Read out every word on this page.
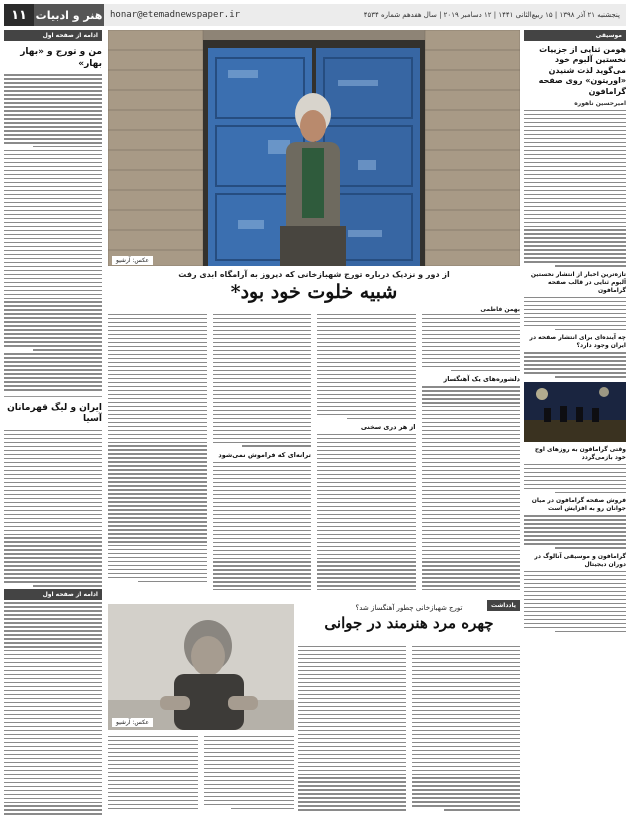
۱۱ هنر و ادبیات honar@etemadnewspaper.ir	پنجشنبه ۲۱ آذر ۱۳۹۸ | ۱۵ ربیع‌الثانی ۱۴۴۱ | ۱۲ دسامبر ۲۰۱۹ | سال هفدهم شماره ۴۵۳۴
ادامه از صفحه اول
من و تورج و «بهار بهار»
ایران و لیگ قهرمانان آسیا
ادامه از صفحه اول
عکس: آرشیو
از دور و نزدیک درباره تورج شهبازخانی که دیروز به آرامگاه ابدی رفت
شبیه خلوت خود بود*
موسیقی
هومن ثنایی از جزییات نخستین آلبوم خود می‌گوید لذت شنیدن «اوریتون» روی صفحه گرامافون
امیرحسین ناهوره
تازه‌ترین اخبار از انتشار نخستین آلبوم ثنایی در قالب صفحه گرامافون
چه آینده‌ای برای انتشار صفحه در ایران وجود دارد؟
وقتی گرامافون به روزهای اوج خود بازمی‌گردد
فروش صفحه گرامافون در میان جوانان رو به افزایش است
گرامافون و موسیقی آنالوگ در دوران دیجیتال
بهمن فاطمی
دلشوره‌های یک آهنگساز
از هر دری سخنی
ترانه‌ای که فراموش نمی‌شود
یادداشت
عکس: آرشیو
تورج شهبازخانی چطور آهنگساز شد؟
چهره مرد هنرمند در جوانی
